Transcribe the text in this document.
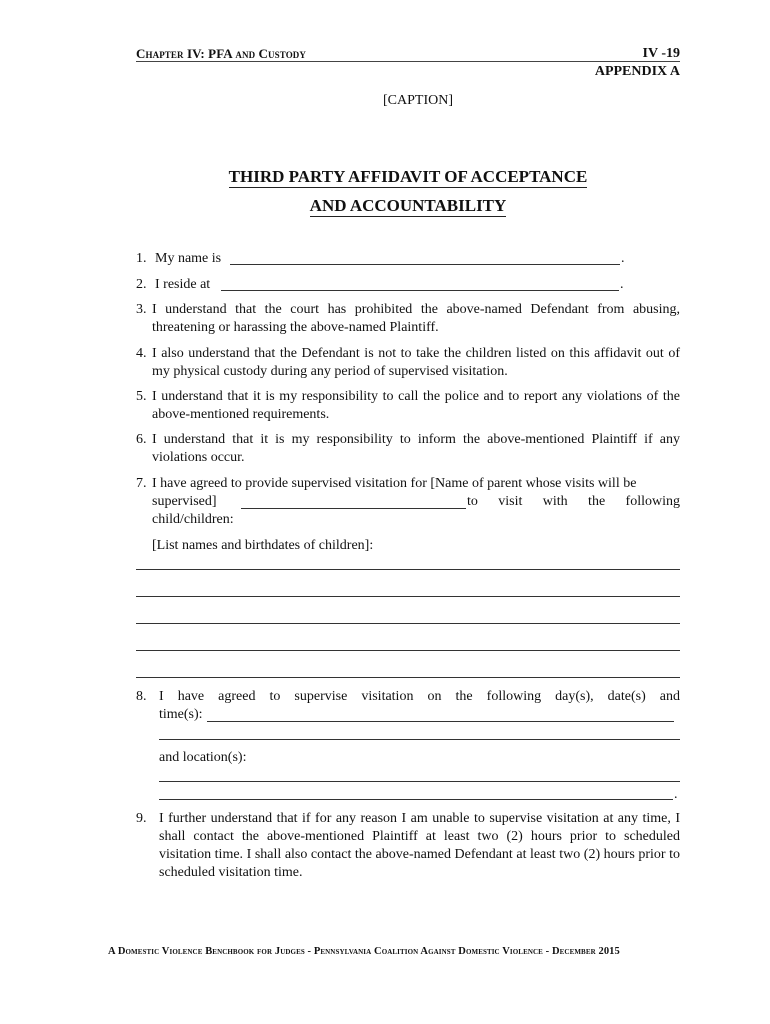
Chapter IV: PFA and Custody	IV -19
APPENDIX A
[CAPTION]
THIRD PARTY AFFIDAVIT OF ACCEPTANCE
AND ACCOUNTABILITY
1. My name is	.
2. I reside at	.
3. I understand that the court has prohibited the above-named Defendant from abusing, threatening or harassing the above-named Plaintiff.
4. I also understand that the Defendant is not to take the children listed on this affidavit out of my physical custody during any period of supervised visitation.
5. I understand that it is my responsibility to call the police and to report any violations of the above-mentioned requirements.
6. I understand that it is my responsibility to inform the above-mentioned Plaintiff if any violations occur.
7. I have agreed to provide supervised visitation for [Name of parent whose visits will be
supervised]	to visit with the following
child/children:
[List names and birthdates of children]:
8. I have agreed to supervise visitation on the following day(s), date(s) and
time(s):
and location(s):
.
9. I further understand that if for any reason I am unable to supervise visitation at any time, I shall contact the above-mentioned Plaintiff at least two (2) hours prior to scheduled visitation time. I shall also contact the above-named Defendant at least two (2) hours prior to scheduled visitation time.
A Domestic Violence Benchbook for Judges - Pennsylvania Coalition Against Domestic Violence - December 2015
